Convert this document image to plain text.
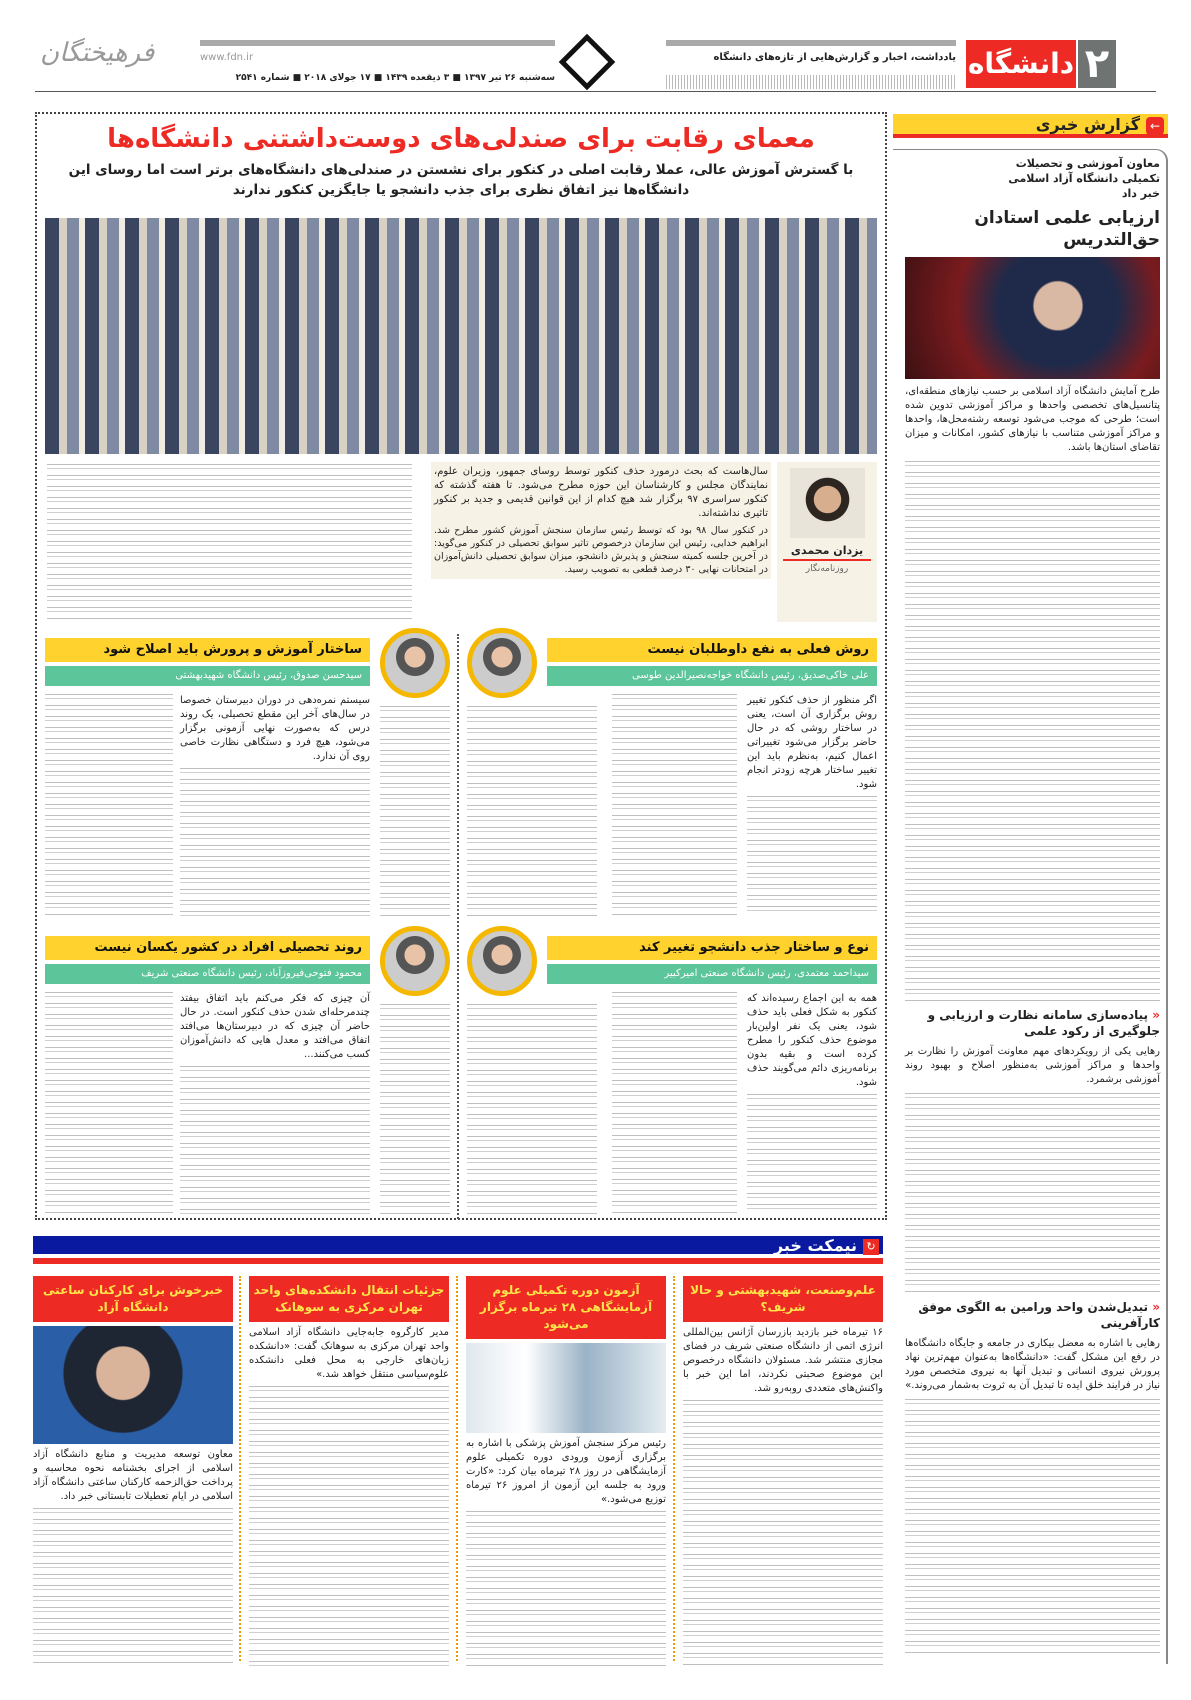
۲
دانشگاه
یادداشت، اخبار و گزارش‌هایی از تازه‌های دانشگاه
سه‌شنبه ۲۶ تیر ۱۳۹۷ ■ ۳ ذیقعده ۱۴۳۹ ■ ۱۷ جولای ۲۰۱۸ ■ شماره ۲۵۴۱
www.fdn.ir
فرهیختگان
معمای رقابت برای صندلی‌های دوست‌داشتنی دانشگاه‌ها

با گسترش آموزش عالی، عملا رقابت اصلی در کنکور برای نشستن در صندلی‌های دانشگاه‌های برتر است اما روسای این دانشگاه‌ها نیز اتفاق نظری برای جذب دانشجو یا جایگزین کنکور ندارند

یزدان محمدی
روزنامه‌نگار

سال‌هاست که بحث درمورد حذف کنکور توسط روسای جمهور، وزیران علوم، نمایندگان مجلس و کارشناسان این حوزه مطرح می‌شود. تا هفته گذشته که کنکور سراسری ۹۷ برگزار شد هیچ کدام از این قوانین قدیمی و جدید بر کنکور تاثیری نداشته‌اند.

در کنکور سال ۹۸ بود که توسط رئیس سازمان سنجش آموزش کشور مطرح شد. ابراهیم خدایی، رئیس این سازمان درخصوص تاثیر سوابق تحصیلی در کنکور می‌گوید: در آخرین جلسه کمیته سنجش و پذیرش دانشجو، میزان سوابق تحصیلی دانش‌آموزان در امتحانات نهایی ۳۰ درصد قطعی به تصویب رسید.

روش فعلی به نفع داوطلبان نیست
علی خاکی‌صدیق، رئیس دانشگاه خواجه‌نصیرالدین طوسی

اگر منظور از حذف کنکور تغییر روش برگزاری آن است، یعنی در ساختار روشی که در حال حاضر برگزار می‌شود تغییراتی اعمال کنیم، به‌نظرم باید این تغییر ساختار هرچه زودتر انجام شود.

ساختار آموزش و پرورش باید اصلاح شود
سیدحسن صدوق، رئیس دانشگاه شهیدبهشتی

سیستم نمره‌دهی در دوران دبیرستان خصوصا در سال‌های آخر این مقطع تحصیلی، یک روند درس که به‌صورت نهایی آزمونی برگزار می‌شود، هیچ فرد و دستگاهی نظارت خاصی روی آن ندارد.

نوع و ساختار جذب دانشجو تغییر کند
سیداحمد معتمدی، رئیس دانشگاه صنعتی امیرکبیر

همه به این اجماع رسیده‌اند که کنکور به شکل فعلی باید حذف شود، یعنی یک نفر اولین‌بار موضوع حذف کنکور را مطرح کرده است و بقیه بدون برنامه‌ریزی دائم می‌گویند حذف شود.

روند تحصیلی افراد در کشور یکسان نیست
محمود فتوحی‌فیروزآباد، رئیس دانشگاه صنعتی شریف

آن چیزی که فکر می‌کنم باید اتفاق بیفتد چندمرحله‌ای شدن حذف کنکور است. در حال حاضر آن چیزی که در دبیرستان‌ها می‌افتد اتفاق می‌افتد و معدل هایی که دانش‌آموزان کسب می‌کنند...

←
گزارش خبری
معاون آموزشی و تحصیلات تکمیلی دانشگاه آزاد اسلامی خبر داد
ارزیابی علمی استادان حق‌التدریس

طرح آمایش دانشگاه آزاد اسلامی بر حسب نیازهای منطقه‌ای، پتانسیل‌های تخصصی واحدها و مراکز آموزشی تدوین شده است؛ طرحی که موجب می‌شود توسعه رشته‌محل‌ها، واحدها و مراکز آموزشی متناسب با نیازهای کشور، امکانات و میزان تقاضای استان‌ها باشد.

« پیاده‌سازی سامانه نظارت و ارزیابی و جلوگیری از رکود علمی

رهایی یکی از رویکردهای مهم معاونت آموزش را نظارت بر واحدها و مراکز آموزشی به‌منظور اصلاح و بهبود روند آموزشی برشمرد.

« تبدیل‌شدن واحد ورامین به الگوی موفق کارآفرینی

رهایی با اشاره به معضل بیکاری در جامعه و جایگاه دانشگاه‌ها در رفع این مشکل گفت: «دانشگاه‌ها به‌عنوان مهم‌ترین نهاد پرورش نیروی انسانی و تبدیل آنها به نیروی متخصص مورد نیاز در فرایند خلق ایده تا تبدیل آن به ثروت به‌شمار می‌روند.»

↻
نیمکت خبر
علم‌وصنعت، شهیدبهشتی و حالا شریف؟

۱۶ تیرماه خبر بازدید بازرسان آژانس بین‌المللی انرژی اتمی از دانشگاه صنعتی شریف در فضای مجازی منتشر شد. مسئولان دانشگاه درخصوص این موضوع صحبتی نکردند، اما این خبر با واکنش‌های متعددی روبه‌رو شد.

آزمون دوره تکمیلی علوم آزمایشگاهی ۲۸ تیرماه برگزار می‌شود

رئیس مرکز سنجش آموزش پزشکی با اشاره به برگزاری آزمون ورودی دوره تکمیلی علوم آزمایشگاهی در روز ۲۸ تیرماه بیان کرد: «کارت ورود به جلسه این آزمون از امروز ۲۶ تیرماه توزیع می‌شود.»

جزئیات انتقال دانشکده‌های واحد تهران مرکزی به سوهانک

مدیر کارگروه جابه‌جایی دانشگاه آزاد اسلامی واحد تهران مرکزی به سوهانک گفت: «دانشکده زبان‌های خارجی به محل فعلی دانشکده علوم‌سیاسی منتقل خواهد شد.»

خبرخوش برای کارکنان ساعتی دانشگاه آزاد

معاون توسعه مدیریت و منابع دانشگاه آزاد اسلامی از اجرای بخشنامه نحوه محاسبه و پرداخت حق‌الزحمه کارکنان ساعتی دانشگاه آزاد اسلامی در ایام تعطیلات تابستانی خبر داد.
